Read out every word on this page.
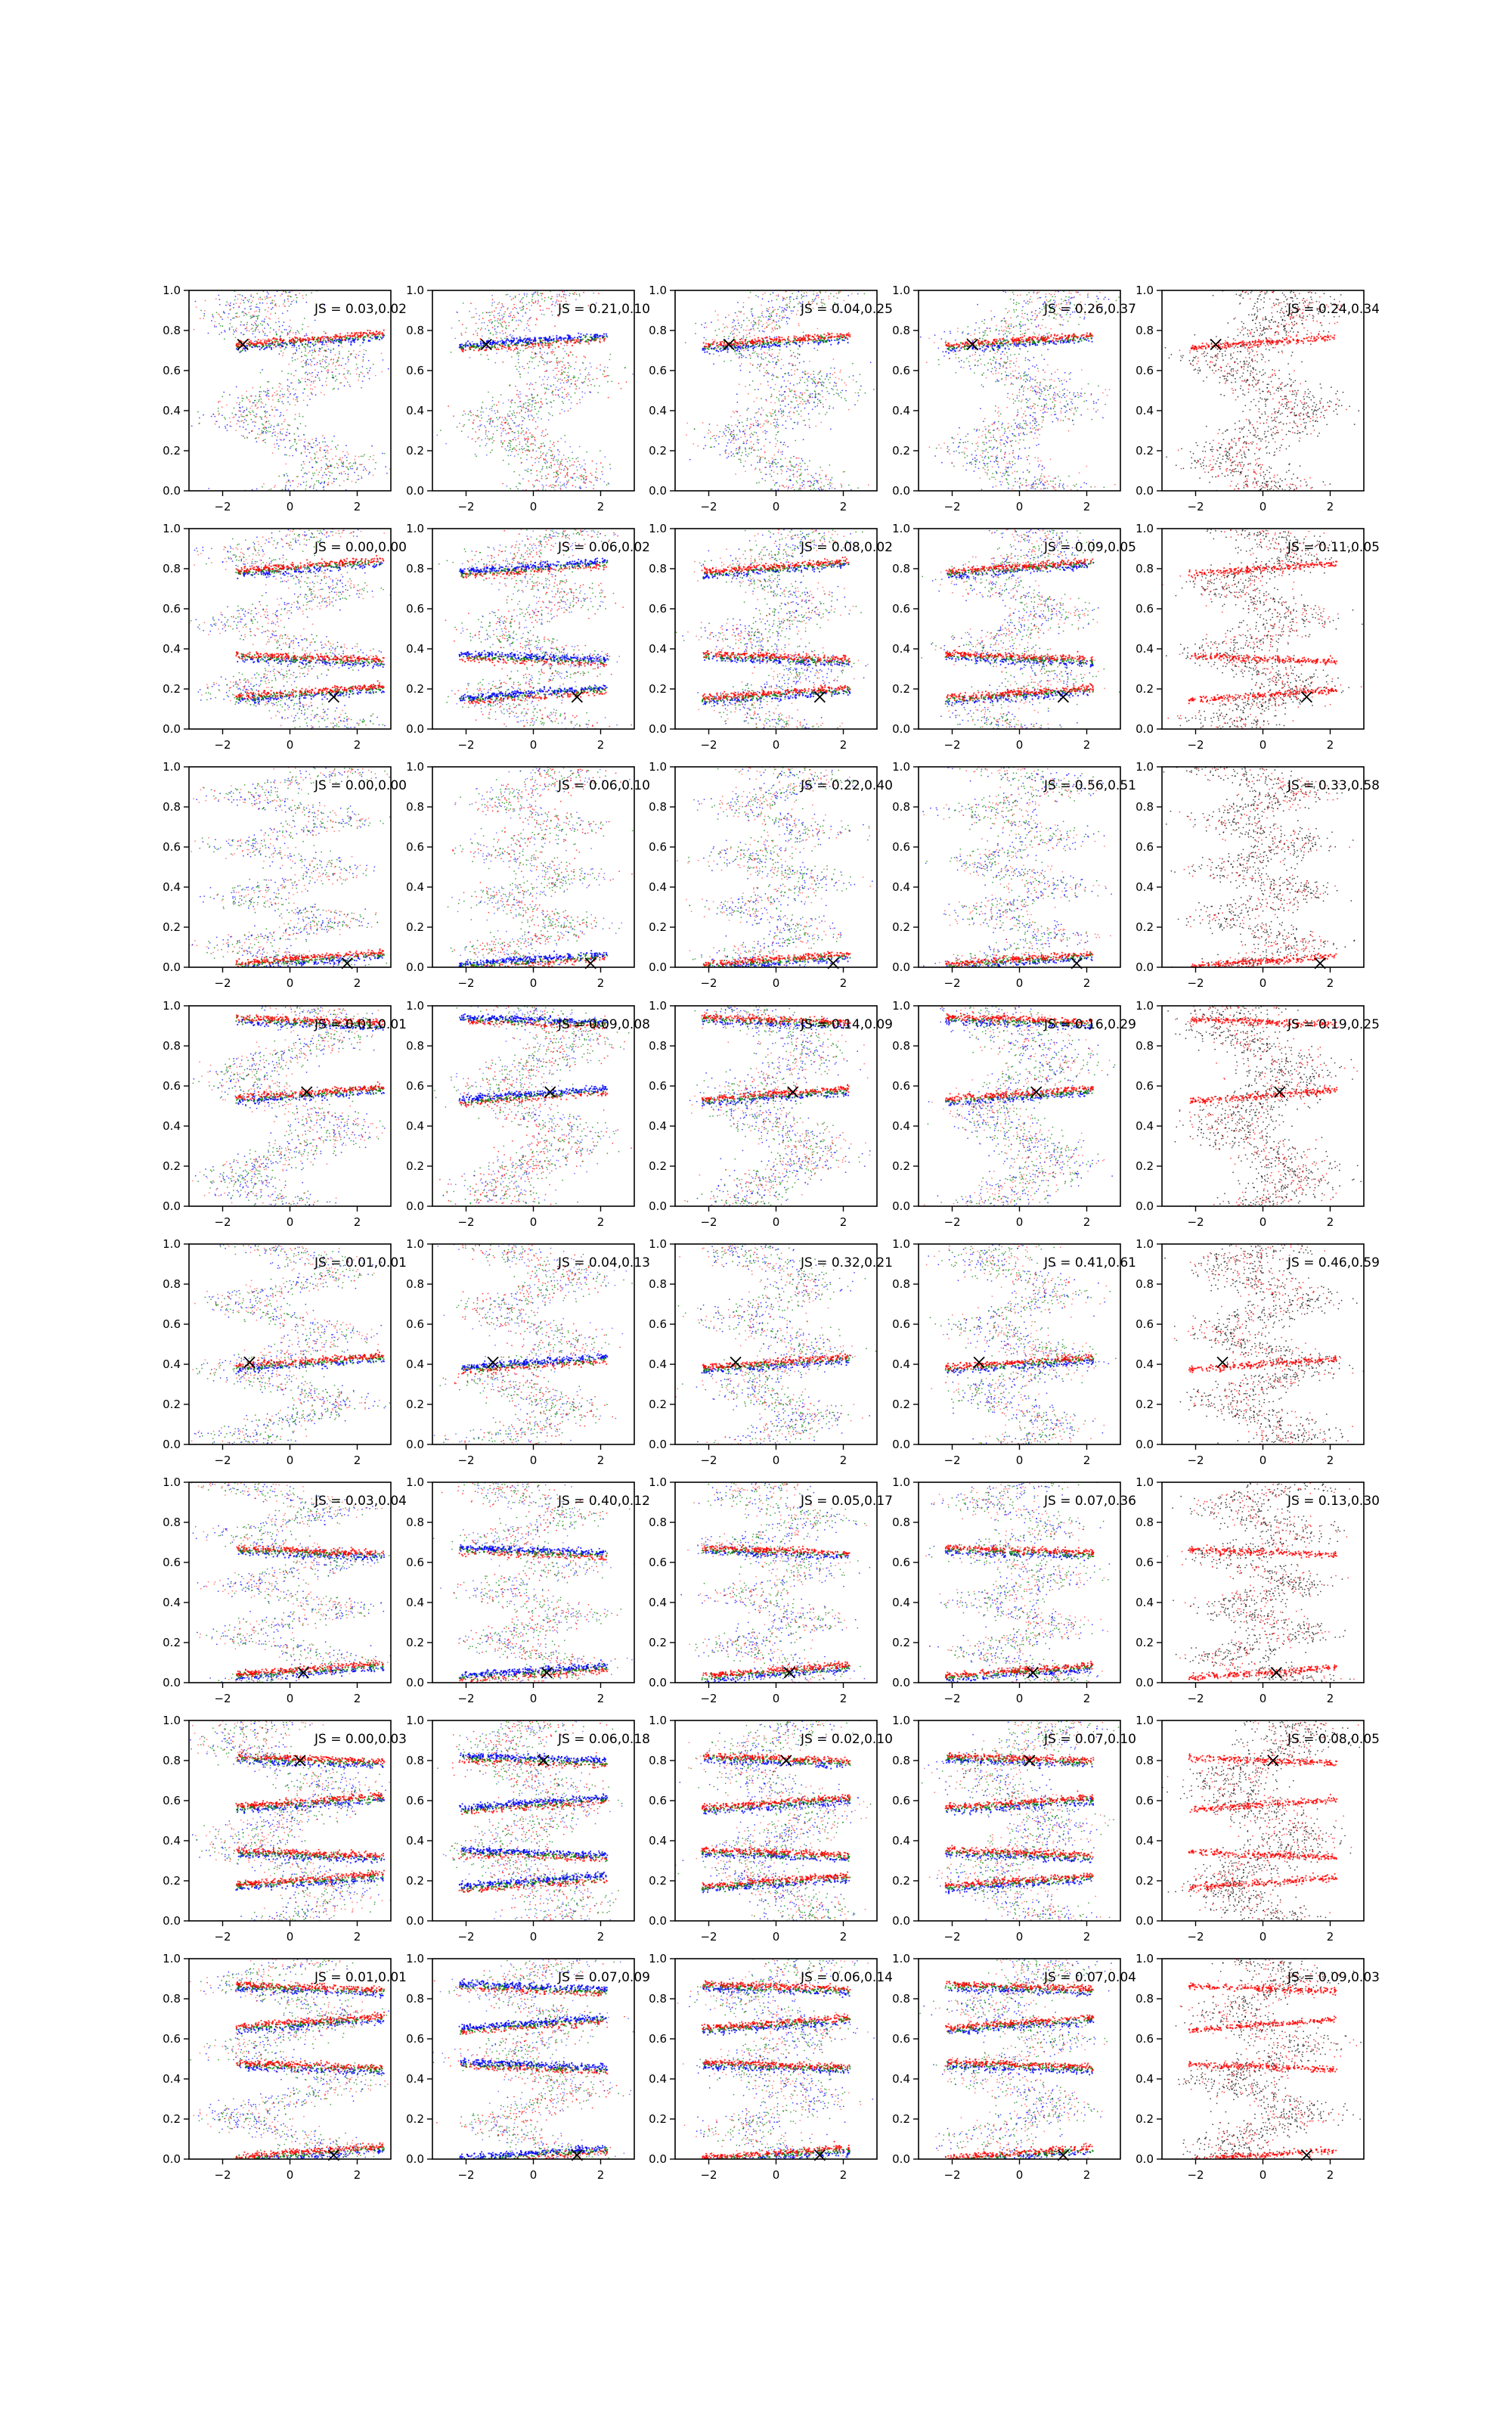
−2	0	2
0.0
0.2
0.4
0.6
0.8
1.0
JS = 0.03,0.02
−2	0	2
0.0
0.2
0.4
0.6
0.8
1.0
JS = 0.21,0.10
−2	0	2
0.0
0.2
0.4
0.6
0.8
1.0
JS = 0.04,0.25
−2	0	2
0.0
0.2
0.4
0.6
0.8
1.0
JS = 0.26,0.37
−2	0	2
0.0
0.2
0.4
0.6
0.8
1.0
JS = 0.24,0.34
−2	0	2
0.0
0.2
0.4
0.6
0.8
1.0
JS = 0.00,0.00
−2	0	2
0.0
0.2
0.4
0.6
0.8
1.0
JS = 0.06,0.02
−2	0	2
0.0
0.2
0.4
0.6
0.8
1.0
JS = 0.08,0.02
−2	0	2
0.0
0.2
0.4
0.6
0.8
1.0
JS = 0.09,0.05
−2	0	2
0.0
0.2
0.4
0.6
0.8
1.0
JS = 0.11,0.05
−2	0	2
0.0
0.2
0.4
0.6
0.8
1.0
JS = 0.00,0.00
−2	0	2
0.0
0.2
0.4
0.6
0.8
1.0
JS = 0.06,0.10
−2	0	2
0.0
0.2
0.4
0.6
0.8
1.0
JS = 0.22,0.40
−2	0	2
0.0
0.2
0.4
0.6
0.8
1.0
JS = 0.56,0.51
−2	0	2
0.0
0.2
0.4
0.6
0.8
1.0
JS = 0.33,0.58
−2	0	2
0.0
0.2
0.4
0.6
0.8
1.0
JS = 0.01,0.01
−2	0	2
0.0
0.2
0.4
0.6
0.8
1.0
JS = 0.09,0.08
−2	0	2
0.0
0.2
0.4
0.6
0.8
1.0
JS = 0.14,0.09
−2	0	2
0.0
0.2
0.4
0.6
0.8
1.0
JS = 0.16,0.29
−2	0	2
0.0
0.2
0.4
0.6
0.8
1.0
JS = 0.19,0.25
−2	0	2
0.0
0.2
0.4
0.6
0.8
1.0
JS = 0.01,0.01
−2	0	2
0.0
0.2
0.4
0.6
0.8
1.0
JS = 0.04,0.13
−2	0	2
0.0
0.2
0.4
0.6
0.8
1.0
JS = 0.32,0.21
−2	0	2
0.0
0.2
0.4
0.6
0.8
1.0
JS = 0.41,0.61
−2	0	2
0.0
0.2
0.4
0.6
0.8
1.0
JS = 0.46,0.59
−2	0	2
0.0
0.2
0.4
0.6
0.8
1.0
JS = 0.03,0.04
−2	0	2
0.0
0.2
0.4
0.6
0.8
1.0
JS = 0.40,0.12
−2	0	2
0.0
0.2
0.4
0.6
0.8
1.0
JS = 0.05,0.17
−2	0	2
0.0
0.2
0.4
0.6
0.8
1.0
JS = 0.07,0.36
−2	0	2
0.0
0.2
0.4
0.6
0.8
1.0
JS = 0.13,0.30
−2	0	2
0.0
0.2
0.4
0.6
0.8
1.0
JS = 0.00,0.03
−2	0	2
0.0
0.2
0.4
0.6
0.8
1.0
JS = 0.06,0.18
−2	0	2
0.0
0.2
0.4
0.6
0.8
1.0
JS = 0.02,0.10
−2	0	2
0.0
0.2
0.4
0.6
0.8
1.0
JS = 0.07,0.10
−2	0	2
0.0
0.2
0.4
0.6
0.8
1.0
JS = 0.08,0.05
−2	0	2
0.0
0.2
0.4
0.6
0.8
1.0
JS = 0.01,0.01
−2	0	2
0.0
0.2
0.4
0.6
0.8
1.0
JS = 0.07,0.09
−2	0	2
0.0
0.2
0.4
0.6
0.8
1.0
JS = 0.06,0.14
−2	0	2
0.0
0.2
0.4
0.6
0.8
1.0
JS = 0.07,0.04
−2	0	2
0.0
0.2
0.4
0.6
0.8
1.0
JS = 0.09,0.03
